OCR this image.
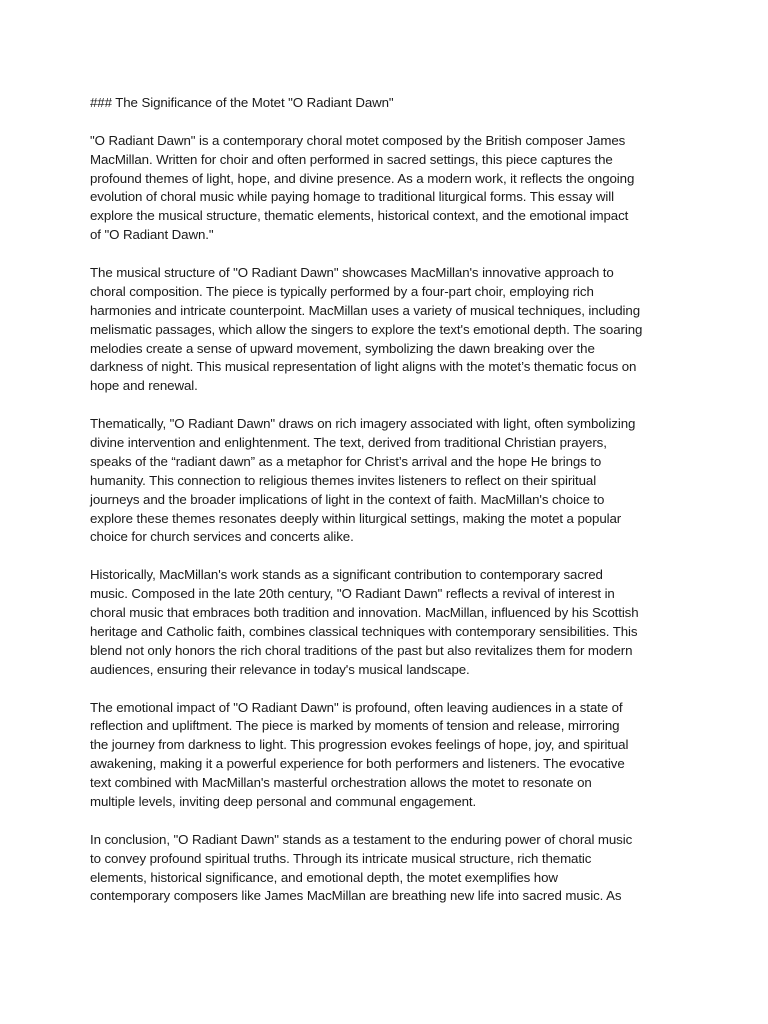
### The Significance of the Motet "O Radiant Dawn"
"O Radiant Dawn" is a contemporary choral motet composed by the British composer James
MacMillan. Written for choir and often performed in sacred settings, this piece captures the
profound themes of light, hope, and divine presence. As a modern work, it reflects the ongoing
evolution of choral music while paying homage to traditional liturgical forms. This essay will
explore the musical structure, thematic elements, historical context, and the emotional impact
of "O Radiant Dawn."
The musical structure of "O Radiant Dawn" showcases MacMillan's innovative approach to
choral composition. The piece is typically performed by a four-part choir, employing rich
harmonies and intricate counterpoint. MacMillan uses a variety of musical techniques, including
melismatic passages, which allow the singers to explore the text's emotional depth. The soaring
melodies create a sense of upward movement, symbolizing the dawn breaking over the
darkness of night. This musical representation of light aligns with the motet’s thematic focus on
hope and renewal.
Thematically, "O Radiant Dawn" draws on rich imagery associated with light, often symbolizing
divine intervention and enlightenment. The text, derived from traditional Christian prayers,
speaks of the “radiant dawn” as a metaphor for Christ’s arrival and the hope He brings to
humanity. This connection to religious themes invites listeners to reflect on their spiritual
journeys and the broader implications of light in the context of faith. MacMillan's choice to
explore these themes resonates deeply within liturgical settings, making the motet a popular
choice for church services and concerts alike.
Historically, MacMillan's work stands as a significant contribution to contemporary sacred
music. Composed in the late 20th century, "O Radiant Dawn" reflects a revival of interest in
choral music that embraces both tradition and innovation. MacMillan, influenced by his Scottish
heritage and Catholic faith, combines classical techniques with contemporary sensibilities. This
blend not only honors the rich choral traditions of the past but also revitalizes them for modern
audiences, ensuring their relevance in today's musical landscape.
The emotional impact of "O Radiant Dawn" is profound, often leaving audiences in a state of
reflection and upliftment. The piece is marked by moments of tension and release, mirroring
the journey from darkness to light. This progression evokes feelings of hope, joy, and spiritual
awakening, making it a powerful experience for both performers and listeners. The evocative
text combined with MacMillan's masterful orchestration allows the motet to resonate on
multiple levels, inviting deep personal and communal engagement.
In conclusion, "O Radiant Dawn" stands as a testament to the enduring power of choral music
to convey profound spiritual truths. Through its intricate musical structure, rich thematic
elements, historical significance, and emotional depth, the motet exemplifies how
contemporary composers like James MacMillan are breathing new life into sacred music. As
